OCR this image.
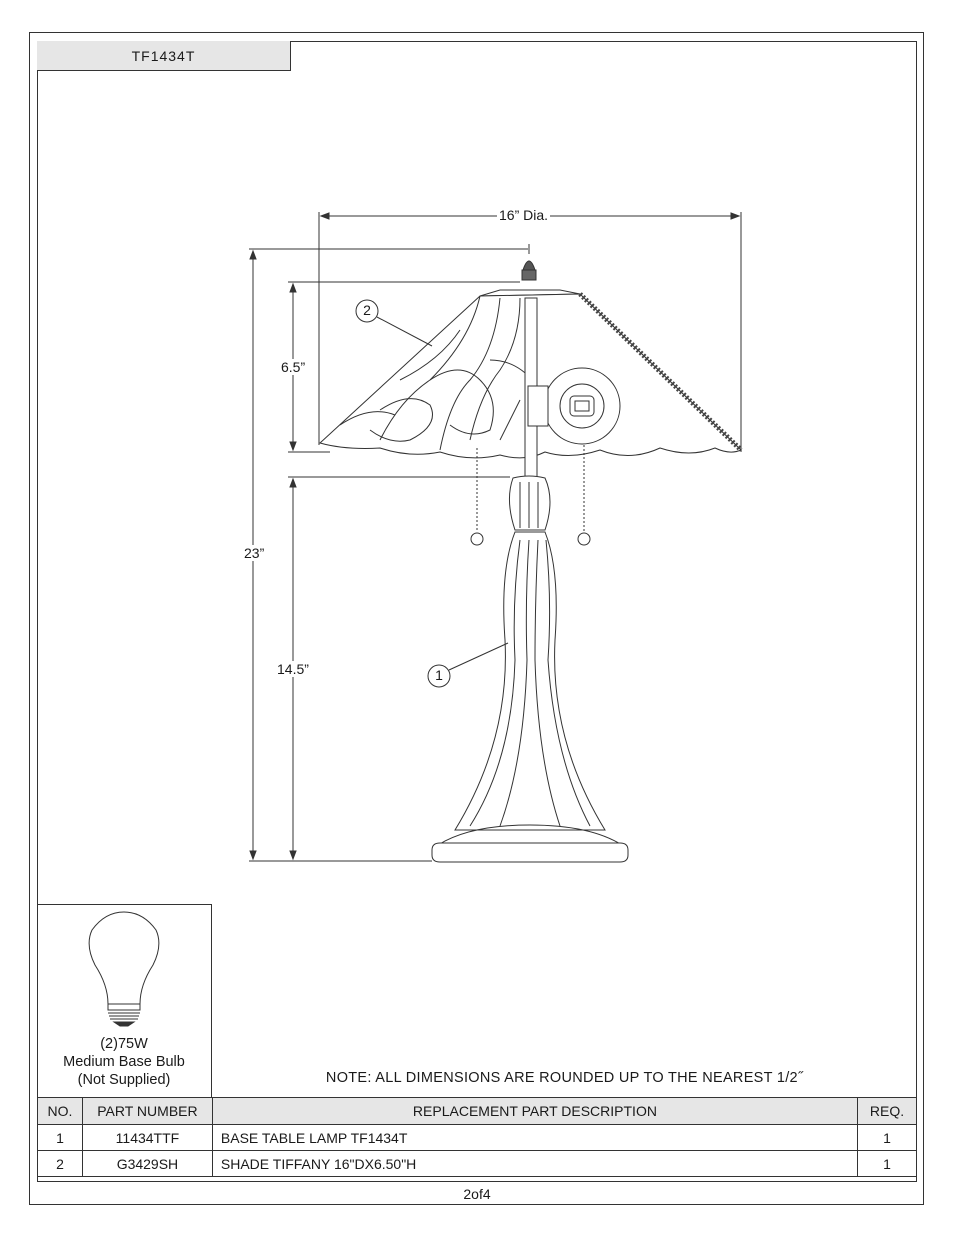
TF1434T
16” Dia.
23”
6.5”
14.5”
2
1
(2)75W
Medium Base Bulb
(Not Supplied)	NOTE: ALL DIMENSIONS ARE ROUNDED UP TO THE NEAREST 1/2˝
NO.	PART NUMBER	REPLACEMENT PART DESCRIPTION	REQ.
1	11434TTF	BASE TABLE LAMP TF1434T	1
2	G3429SH	SHADE TIFFANY 16"DX6.50"H	1
2of4
